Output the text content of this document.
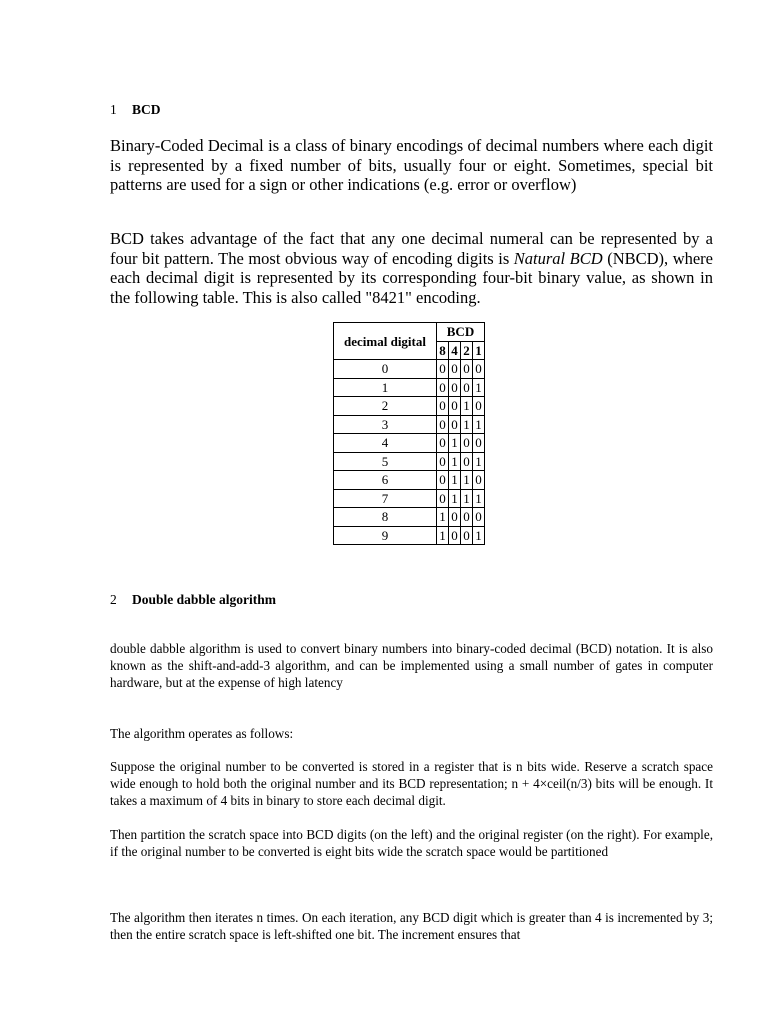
1 BCD

Binary-Coded Decimal is a class of binary encodings of decimal numbers where each digit is represented by a fixed number of bits, usually four or eight. Sometimes, special bit patterns are used for a sign or other indications (e.g. error or overflow)

BCD takes advantage of the fact that any one decimal numeral can be represented by a four bit pattern. The most obvious way of encoding digits is Natural BCD (NBCD), where each decimal digit is represented by its corresponding four-bit binary value, as shown in the following table. This is also called "8421" encoding.

decimal digital	BCD			
	8	4	2	1
0	0	0	0	0
1	0	0	0	1
2	0	0	1	0
3	0	0	1	1
4	0	1	0	0
5	0	1	0	1
6	0	1	1	0
7	0	1	1	1
8	1	0	0	0
9	1	0	0	1
2 Double dabble algorithm

double dabble algorithm is used to convert binary numbers into binary-coded decimal (BCD) notation. It is also known as the shift-and-add-3 algorithm, and can be implemented using a small number of gates in computer hardware, but at the expense of high latency

The algorithm operates as follows:

Suppose the original number to be converted is stored in a register that is n bits wide. Reserve a scratch space wide enough to hold both the original number and its BCD representation; n + 4×ceil(n/3) bits will be enough. It takes a maximum of 4 bits in binary to store each decimal digit.

Then partition the scratch space into BCD digits (on the left) and the original register (on the right). For example, if the original number to be converted is eight bits wide the scratch space would be partitioned

The algorithm then iterates n times. On each iteration, any BCD digit which is greater than 4 is incremented by 3; then the entire scratch space is left-shifted one bit. The increment ensures that
